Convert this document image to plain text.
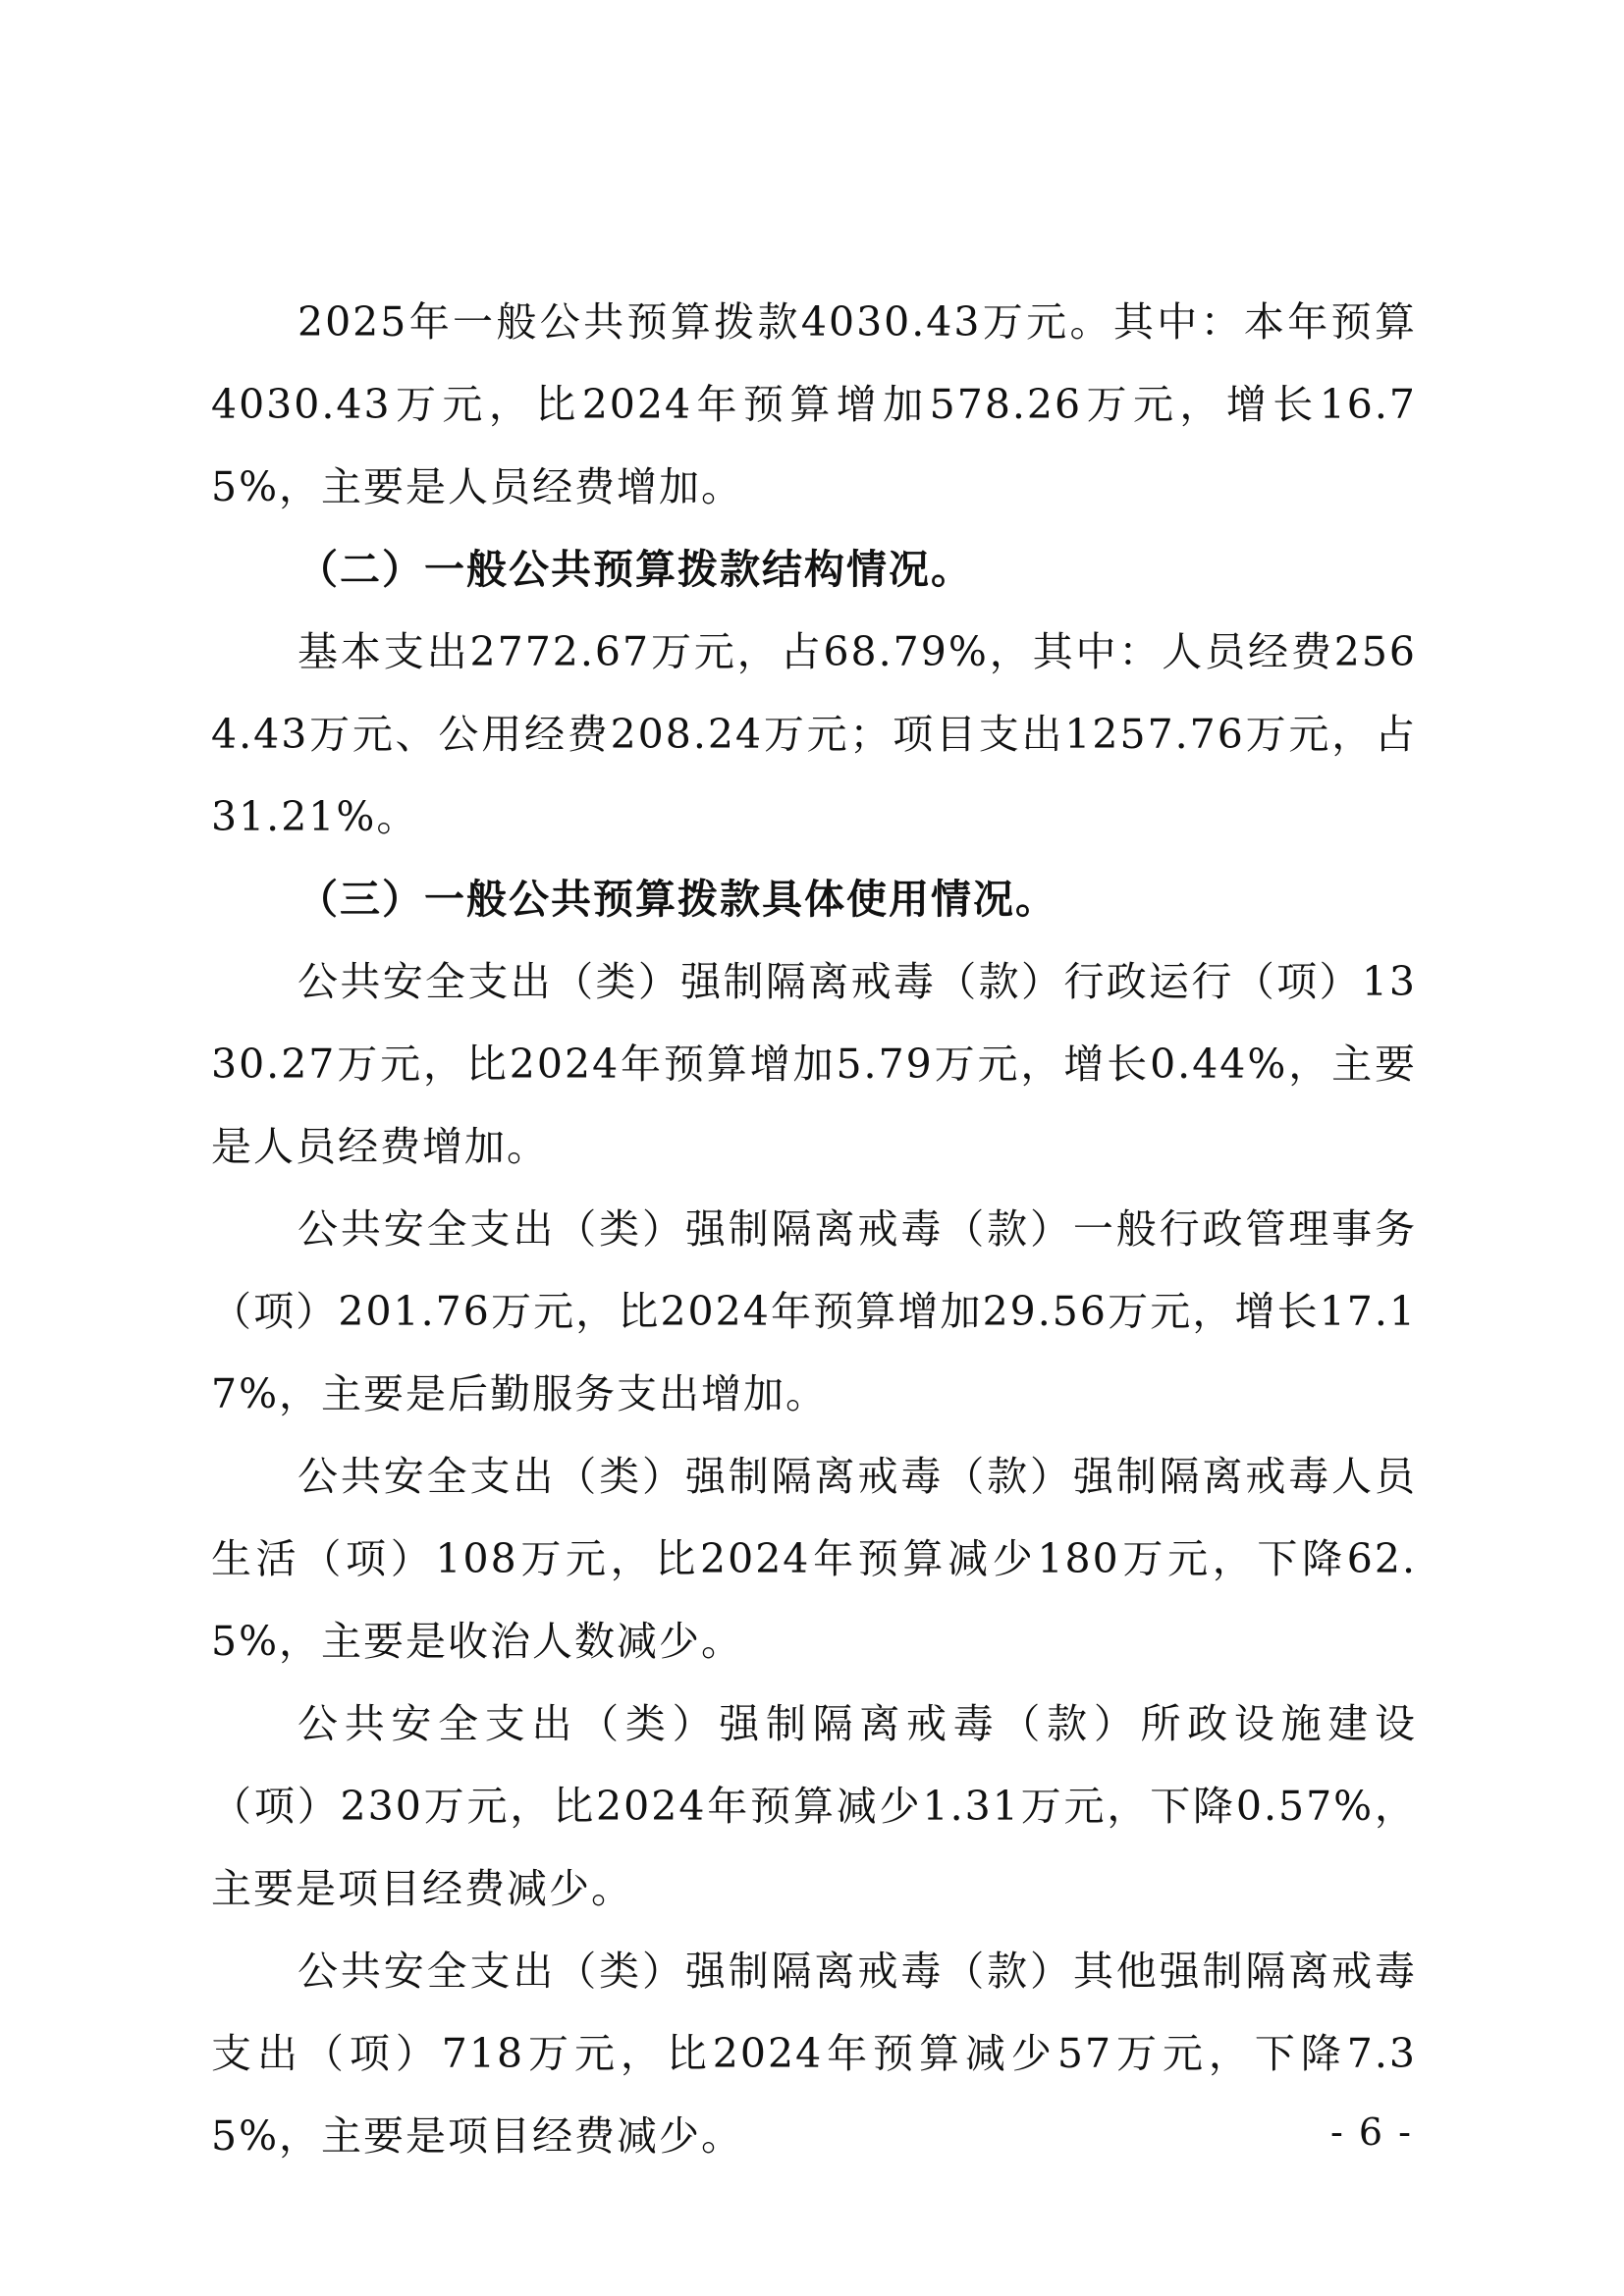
2025年一般公共预算拨款4030.43万元。其中：本年预算4030.43万元，比2024年预算增加578.26万元，增长16.75%，主要是人员经费增加。

（二）一般公共预算拨款结构情况。

基本支出2772.67万元，占68.79%，其中：人员经费2564.43万元、公用经费208.24万元；项目支出1257.76万元，占31.21%。

（三）一般公共预算拨款具体使用情况。

公共安全支出（类）强制隔离戒毒（款）行政运行（项）1330.27万元，比2024年预算增加5.79万元，增长0.44%，主要是人员经费增加。

公共安全支出（类）强制隔离戒毒（款）一般行政管理事务（项）201.76万元，比2024年预算增加29.56万元，增长17.17%，主要是后勤服务支出增加。

公共安全支出（类）强制隔离戒毒（款）强制隔离戒毒人员生活（项）108万元，比2024年预算减少180万元，下降62.5%，主要是收治人数减少。

公共安全支出（类）强制隔离戒毒（款）所政设施建设（项）230万元，比2024年预算减少1.31万元，下降0.57%，主要是项目经费减少。

公共安全支出（类）强制隔离戒毒（款）其他强制隔离戒毒支出（项）718万元，比2024年预算减少57万元，下降7.35%，主要是项目经费减少。	- 6 -
